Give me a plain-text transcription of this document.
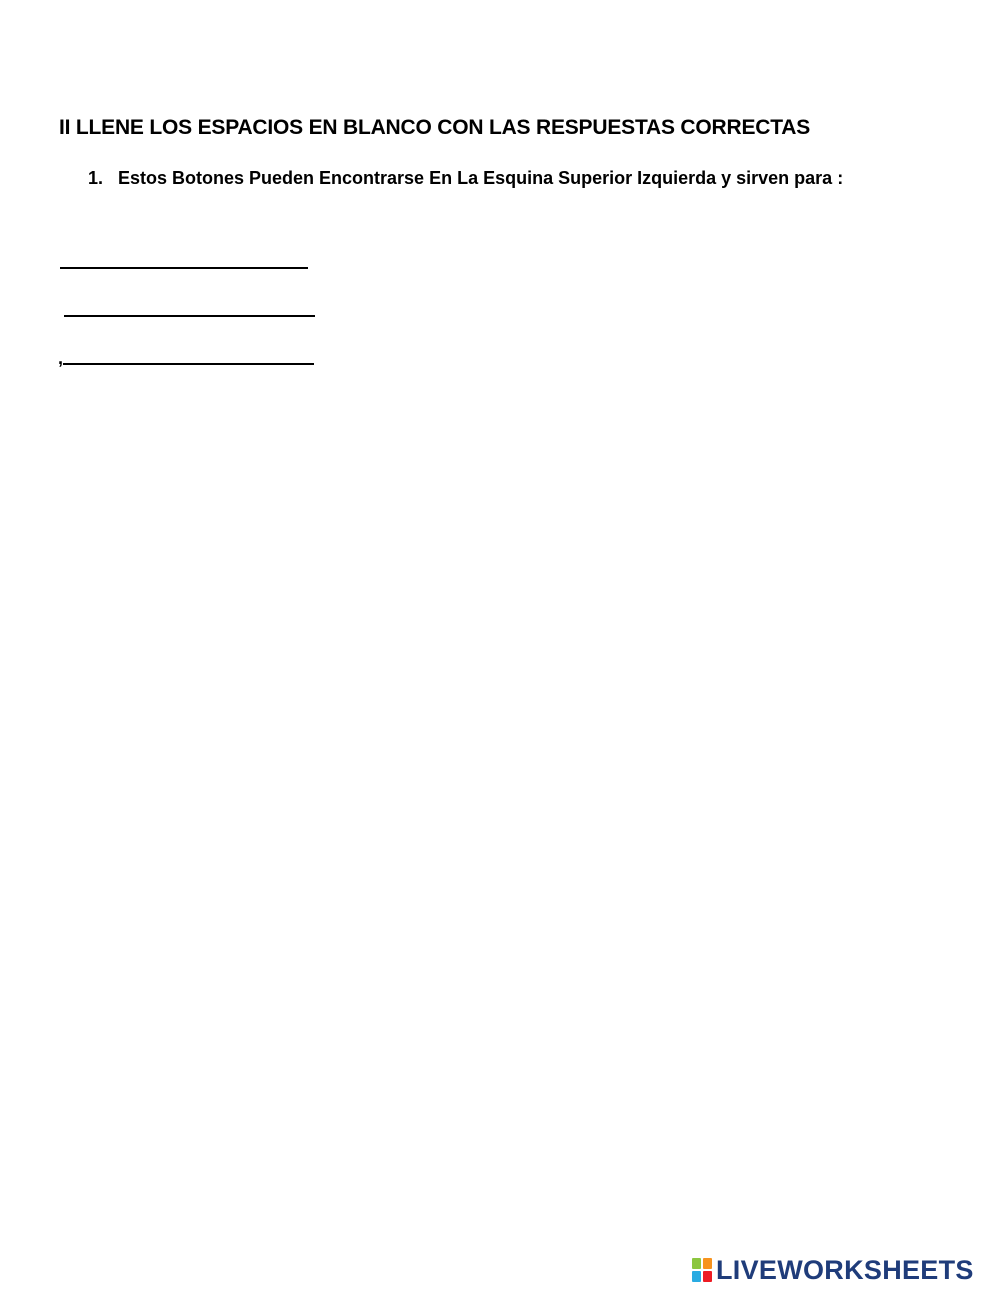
II LLENE LOS ESPACIOS EN BLANCO CON LAS RESPUESTAS CORRECTAS
1. Estos Botones Pueden Encontrarse En La Esquina Superior Izquierda y sirven para :
,
LIVEWORKSHEETS
